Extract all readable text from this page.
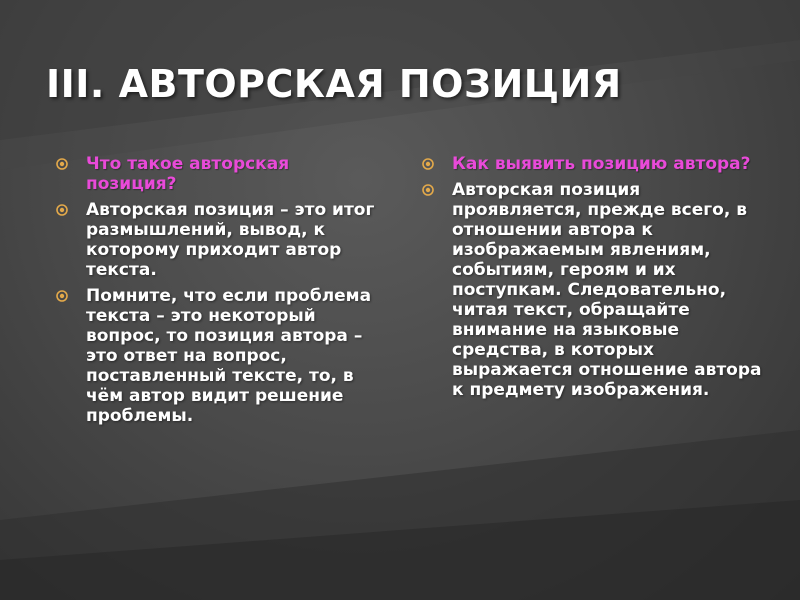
III. АВТОРСКАЯ ПОЗИЦИЯ
Что такое авторская позиция?
Авторская позиция – это итог размышлений, вывод, к которому приходит автор текста.
Помните, что если проблема текста – это некоторый вопрос, то позиция автора – это ответ на вопрос, поставленный тексте, то, в чём автор видит решение проблемы.
Как выявить позицию автора?
Авторская позиция проявляется, прежде всего, в отношении автора к изображаемым явлениям, событиям, героям и их поступкам. Следовательно, читая текст, обращайте внимание на языковые средства, в которых выражается отношение автора к предмету изображения.
